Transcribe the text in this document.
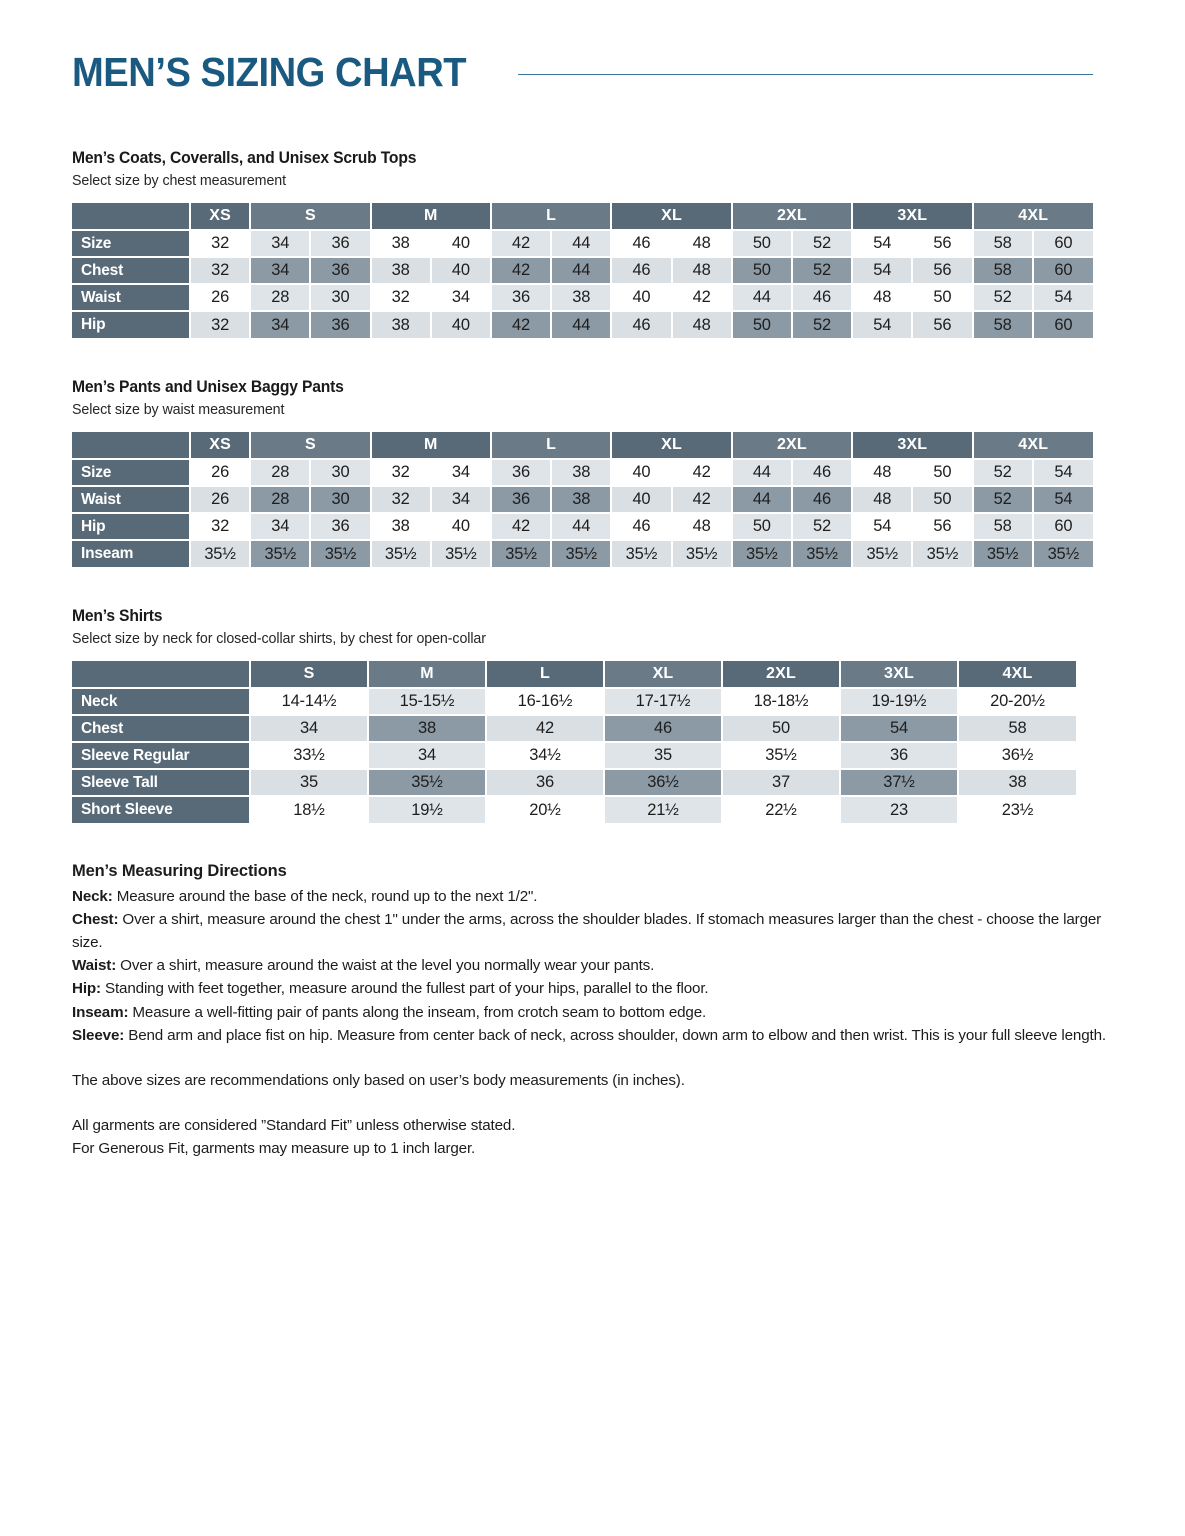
MEN’S SIZING CHART
Men’s Coats, Coveralls, and Unisex Scrub Tops
Select size by chest measurement
	XS	S		M		L		XL		2XL		3XL		4XL	
Size	32	34	36	38	40	42	44	46	48	50	52	54	56	58	60
Chest	32	34	36	38	40	42	44	46	48	50	52	54	56	58	60
Waist	26	28	30	32	34	36	38	40	42	44	46	48	50	52	54
Hip	32	34	36	38	40	42	44	46	48	50	52	54	56	58	60
Men’s Pants and Unisex Baggy Pants
Select size by waist measurement
	XS	S		M		L		XL		2XL		3XL		4XL	
Size	26	28	30	32	34	36	38	40	42	44	46	48	50	52	54
Waist	26	28	30	32	34	36	38	40	42	44	46	48	50	52	54
Hip	32	34	36	38	40	42	44	46	48	50	52	54	56	58	60
Inseam	35½	35½	35½	35½	35½	35½	35½	35½	35½	35½	35½	35½	35½	35½	35½
Men’s Shirts
Select size by neck for closed-collar shirts, by chest for open-collar
	S	M	L	XL	2XL	3XL	4XL
Neck	14-14½	15-15½	16-16½	17-17½	18-18½	19-19½	20-20½
Chest	34	38	42	46	50	54	58
Sleeve Regular	33½	34	34½	35	35½	36	36½
Sleeve Tall	35	35½	36	36½	37	37½	38
Short Sleeve	18½	19½	20½	21½	22½	23	23½

Men’s Measuring Directions

Neck: Measure around the base of the neck, round up to the next 1/2".

Chest: Over a shirt, measure around the chest 1" under the arms, across the shoulder blades. If stomach measures larger than the chest - choose the larger size.

Waist: Over a shirt, measure around the waist at the level you normally wear your pants.

Hip: Standing with feet together, measure around the fullest part of your hips, parallel to the floor.

Inseam: Measure a well-fitting pair of pants along the inseam, from crotch seam to bottom edge.

Sleeve: Bend arm and place fist on hip. Measure from center back of neck, across shoulder, down arm to elbow and then wrist. This is your full sleeve length.

The above sizes are recommendations only based on user’s body measurements (in inches).

All garments are considered ”Standard Fit” unless otherwise stated.

For Generous Fit, garments may measure up to 1 inch larger.
